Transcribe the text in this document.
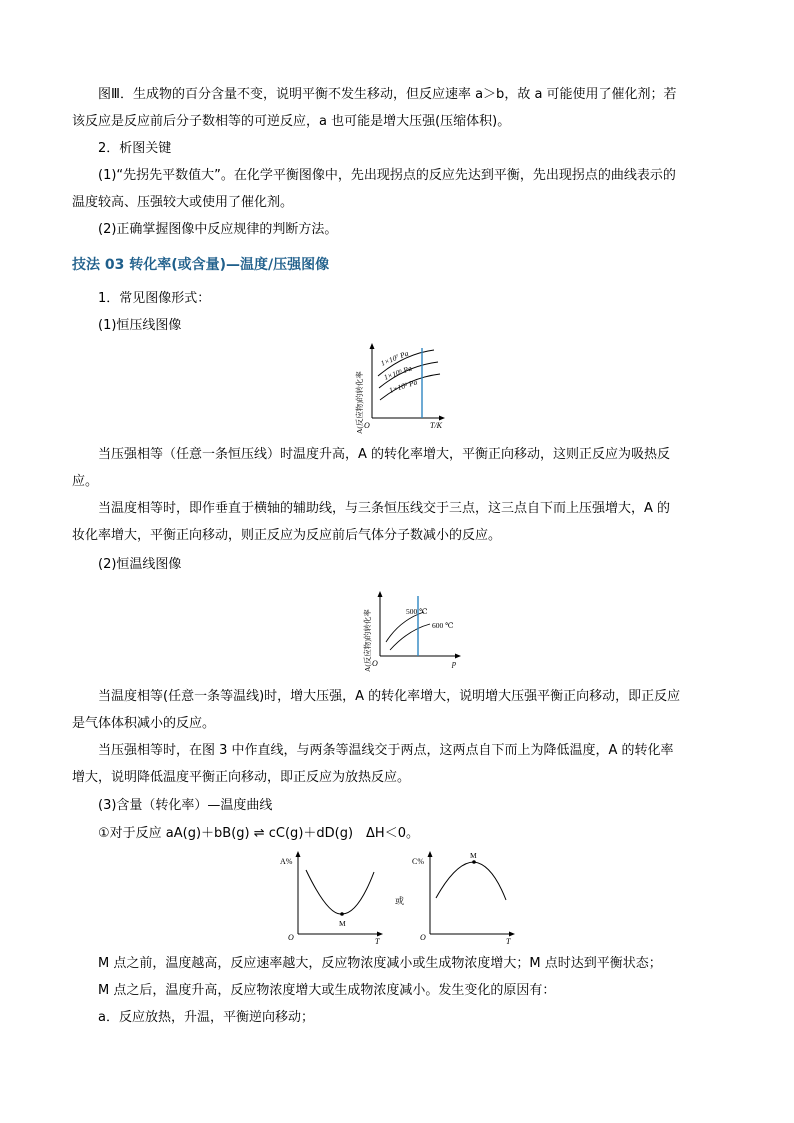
图Ⅲ．生成物的百分含量不变，说明平衡不发生移动，但反应速率 a＞b，故 a 可能使用了催化剂；若
该反应是反应前后分子数相等的可逆反应，a 也可能是增大压强(压缩体积)。
2．析图关键
(1)“先拐先平数值大”。在化学平衡图像中，先出现拐点的反应先达到平衡，先出现拐点的曲线表示的
温度较高、压强较大或使用了催化剂。
(2)正确掌握图像中反应规律的判断方法。
技法 03 转化率(或含量)—温度/压强图像
1．常见图像形式：
(1)恒压线图像
1×10⁷ Pa
1×10⁶ Pa
1×10⁵ Pa
O	T/K
A(反应物)的转化率
当压强相等（任意一条恒压线）时温度升高，A 的转化率增大，平衡正向移动，这则正反应为吸热反
应。
当温度相等时，即作垂直于横轴的辅助线，与三条恒压线交于三点，这三点自下而上压强增大，A 的
妆化率增大，平衡正向移动，则正反应为反应前后气体分子数减小的反应。
(2)恒温线图像
500 ℃
600 ℃
O	p
A(反应物)的转化率
当温度相等(任意一条等温线)时，增大压强，A 的转化率增大，说明增大压强平衡正向移动，即正反应
是气体体积减小的反应。
当压强相等时，在图 3 中作直线，与两条等温线交于两点，这两点自下而上为降低温度，A 的转化率
增大，说明降低温度平衡正向移动，即正反应为放热反应。
(3)含量（转化率）—温度曲线
①对于反应 aA(g)＋bB(g) ⇌ cC(g)＋dD(g)　ΔH＜0。
A%
O	T
M
或
C%
O	T
M
M 点之前，温度越高，反应速率越大，反应物浓度减小或生成物浓度增大；M 点时达到平衡状态；
M 点之后，温度升高，反应物浓度增大或生成物浓度减小。发生变化的原因有：
a．反应放热，升温，平衡逆向移动；
